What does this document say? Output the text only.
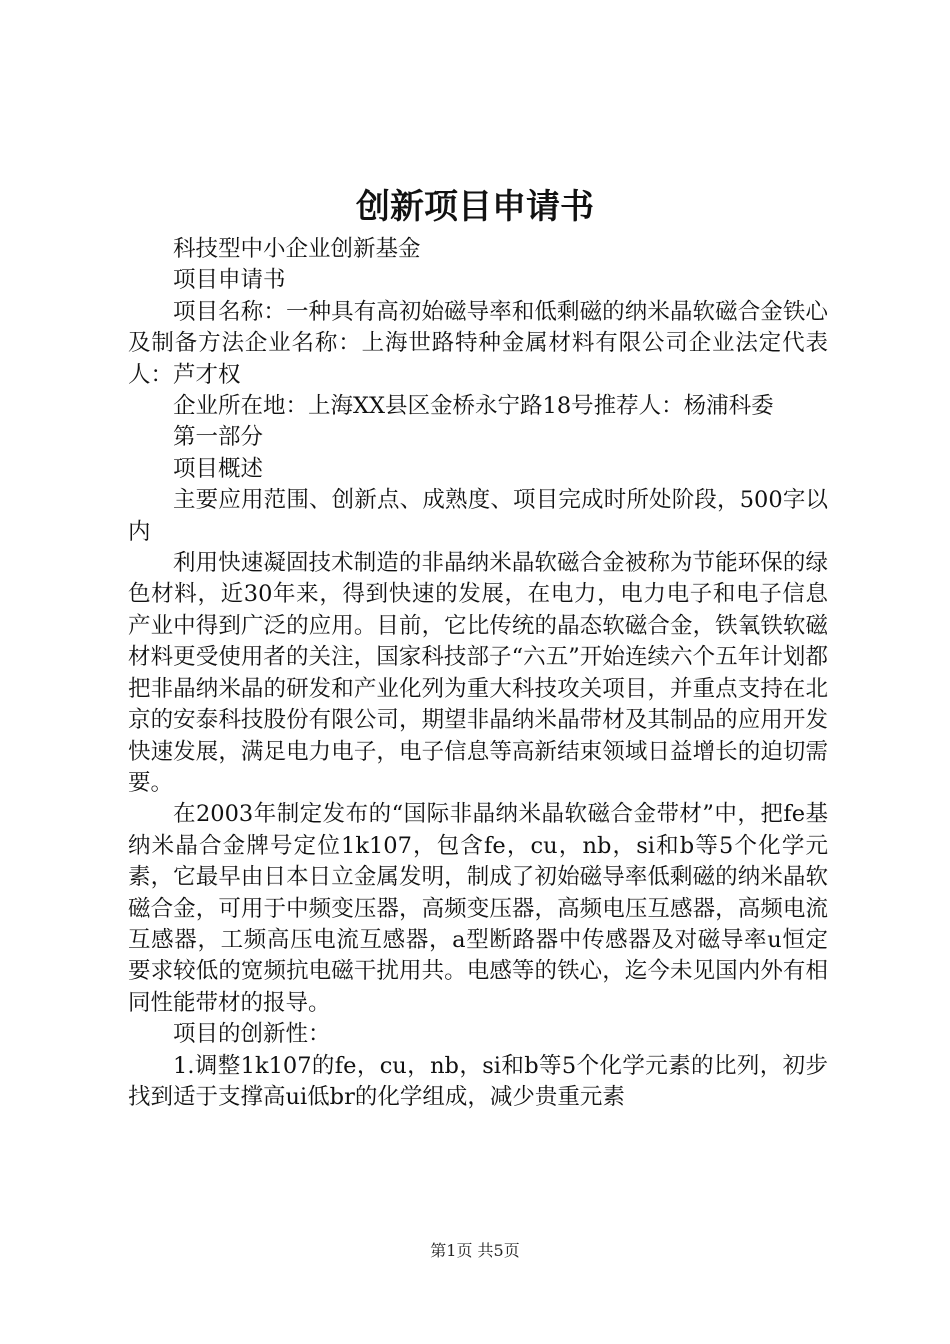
创新项目申请书

科技型中小企业创新基金

项目申请书

项目名称：一种具有高初始磁导率和低剩磁的纳米晶软磁合金铁心及制备方法企业名称：上海世路特种金属材料有限公司企业法定代表人：芦才权

企业所在地：上海XX县区金桥永宁路18号推荐人：杨浦科委

第一部分

项目概述

主要应用范围、创新点、成熟度、项目完成时所处阶段，500字以内

利用快速凝固技术制造的非晶纳米晶软磁合金被称为节能环保的绿色材料，近30年来，得到快速的发展，在电力，电力电子和电子信息产业中得到广泛的应用。目前，它比传统的晶态软磁合金，铁氧铁软磁材料更受使用者的关注，国家科技部子“六五”开始连续六个五年计划都把非晶纳米晶的研发和产业化列为重大科技攻关项目，并重点支持在北京的安泰科技股份有限公司，期望非晶纳米晶带材及其制品的应用开发快速发展，满足电力电子，电子信息等高新结束领域日益增长的迫切需要。

在2003年制定发布的“国际非晶纳米晶软磁合金带材”中，把fe基纳米晶合金牌号定位1k107，包含fe，cu，nb，si和b等5个化学元素，它最早由日本日立金属发明，制成了初始磁导率低剩磁的纳米晶软磁合金，可用于中频变压器，高频变压器，高频电压互感器，高频电流互感器，工频高压电流互感器，a型断路器中传感器及对磁导率u恒定要求较低的宽频抗电磁干扰用共。电感等的铁心，迄今未见国内外有相同性能带材的报导。

项目的创新性：

1.调整1k107的fe，cu，nb，si和b等5个化学元素的比列，初步找到适于支撑高ui低br的化学组成，减少贵重元素

第1页 共5页
